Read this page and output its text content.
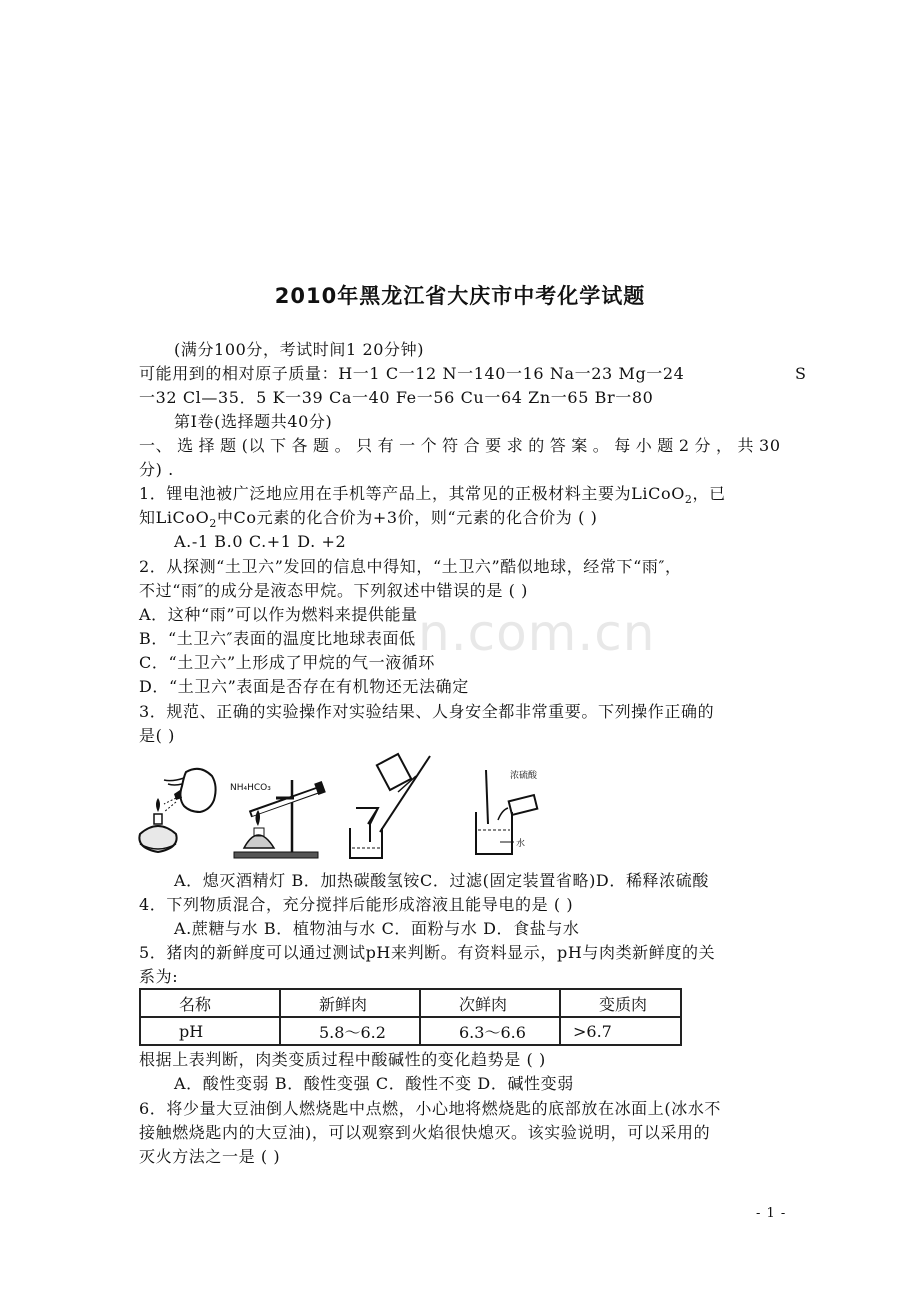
2010年黑龙江省大庆市中考化学试题
(满分100分，考试时间1 20分钟)
可能用到的相对原子质量：H一1 C一12 N一140一16 Na一23 Mg一24	S
一32 Cl—35．5 K一39 Ca一40 Fe一56 Cu一64 Zn一65 Br一80
第I卷(选择题共40分)
一、 选 择 题 (以 下 各 题 。 只 有 一 个 符 合 要 求 的 答 案 。 每 小 题 2 分 ， 共 30
分) .
1．锂电池被广泛地应用在手机等产品上，其常见的正极材料主要为LiCoO$_2$，已
知LiCoO$_2$中Co元素的化合价为+3价，则“元素的化合价为 ( )
A.-1 B.0 C.+1 D. +2
2．从探测“土卫六”发回的信息中得知，“土卫六”酷似地球，经常下“雨″，
不过“雨″的成分是液态甲烷。下列叙述中错误的是 ( )
A．这种“雨”可以作为燃料来提供能量
B．“土卫六″表面的温度比地球表面低
C．“土卫六”上形成了甲烷的气一液循环
D．“土卫六”表面是否存在有机物还无法确定
n.com.cn
3．规范、正确的实验操作对实验结果、人身安全都非常重要。下列操作正确的
是( )
NH₄HCO₃
浓硫酸
水
A．熄灭酒精灯 B．加热碳酸氢铵C．过滤(固定装置省略)D．稀释浓硫酸
4．下列物质混合，充分搅拌后能形成溶液且能导电的是 ( )
A.蔗糖与水 B．植物油与水 C．面粉与水 D．食盐与水
5．猪肉的新鲜度可以通过测试pH来判断。有资料显示，pH与肉类新鲜度的关
系为:
名称	新鲜肉	次鲜肉	变质肉
pH	5.8～6.2	6.3～6.6	>6.7
根据上表判断，肉类变质过程中酸碱性的变化趋势是 ( )
A．酸性变弱 B．酸性变强 C．酸性不变 D．碱性变弱
6．将少量大豆油倒人燃烧匙中点燃，小心地将燃烧匙的底部放在冰面上(冰水不
接触燃烧匙内的大豆油)，可以观察到火焰很快熄灭。该实验说明，可以采用的
灭火方法之一是 ( )
- 1 -
